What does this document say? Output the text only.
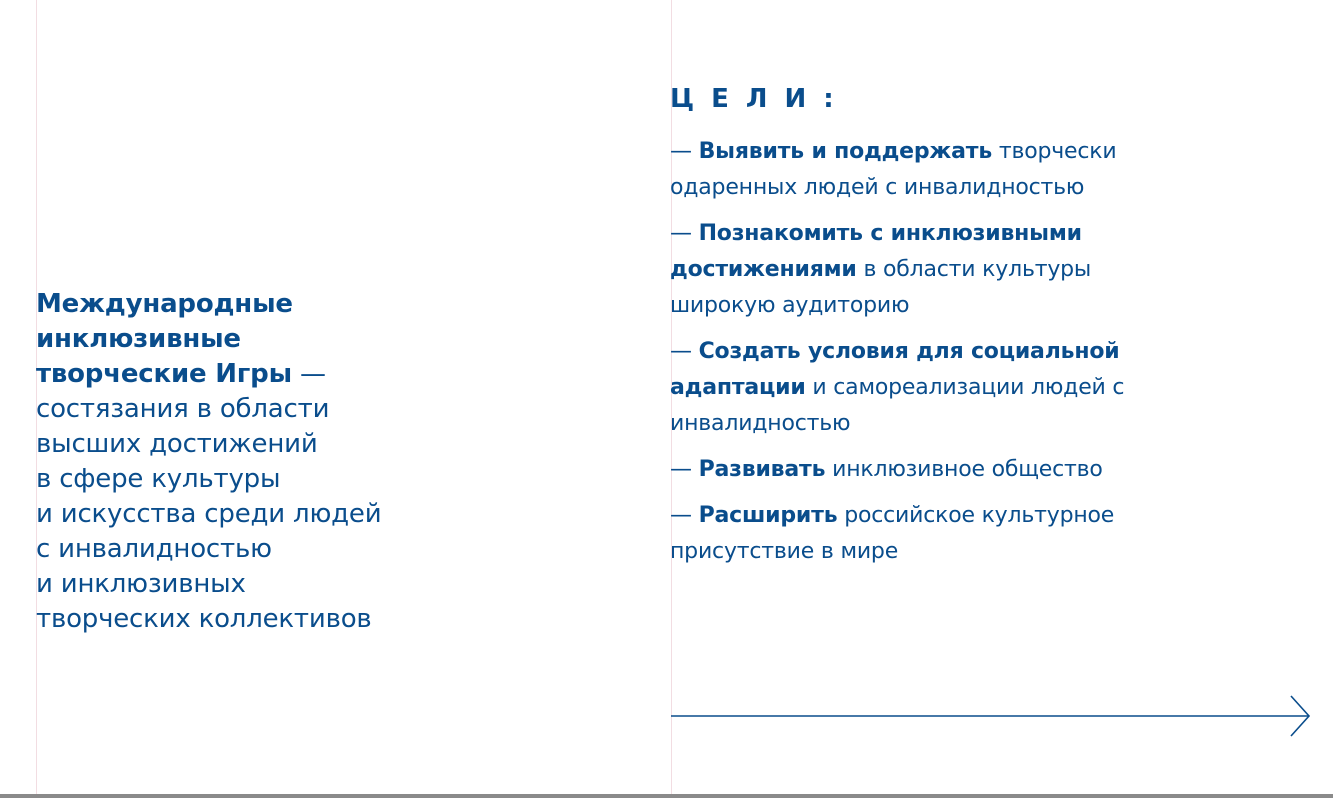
Международные
инклюзивные
творческие Игры —
состязания в области
высших достижений
в сфере культуры
и искусства среди людей
с инвалидностью
и инклюзивных
творческих коллективов
ЦЕЛИ:
— Выявить и поддержать творчески
одаренных людей с инвалидностью
— Познакомить с инклюзивными
достижениями в области культуры
широкую аудиторию
— Создать условия для социальной
адаптации и самореализации людей с
инвалидностью
— Развивать инклюзивное общество
— Расширить российское культурное
присутствие в мире
